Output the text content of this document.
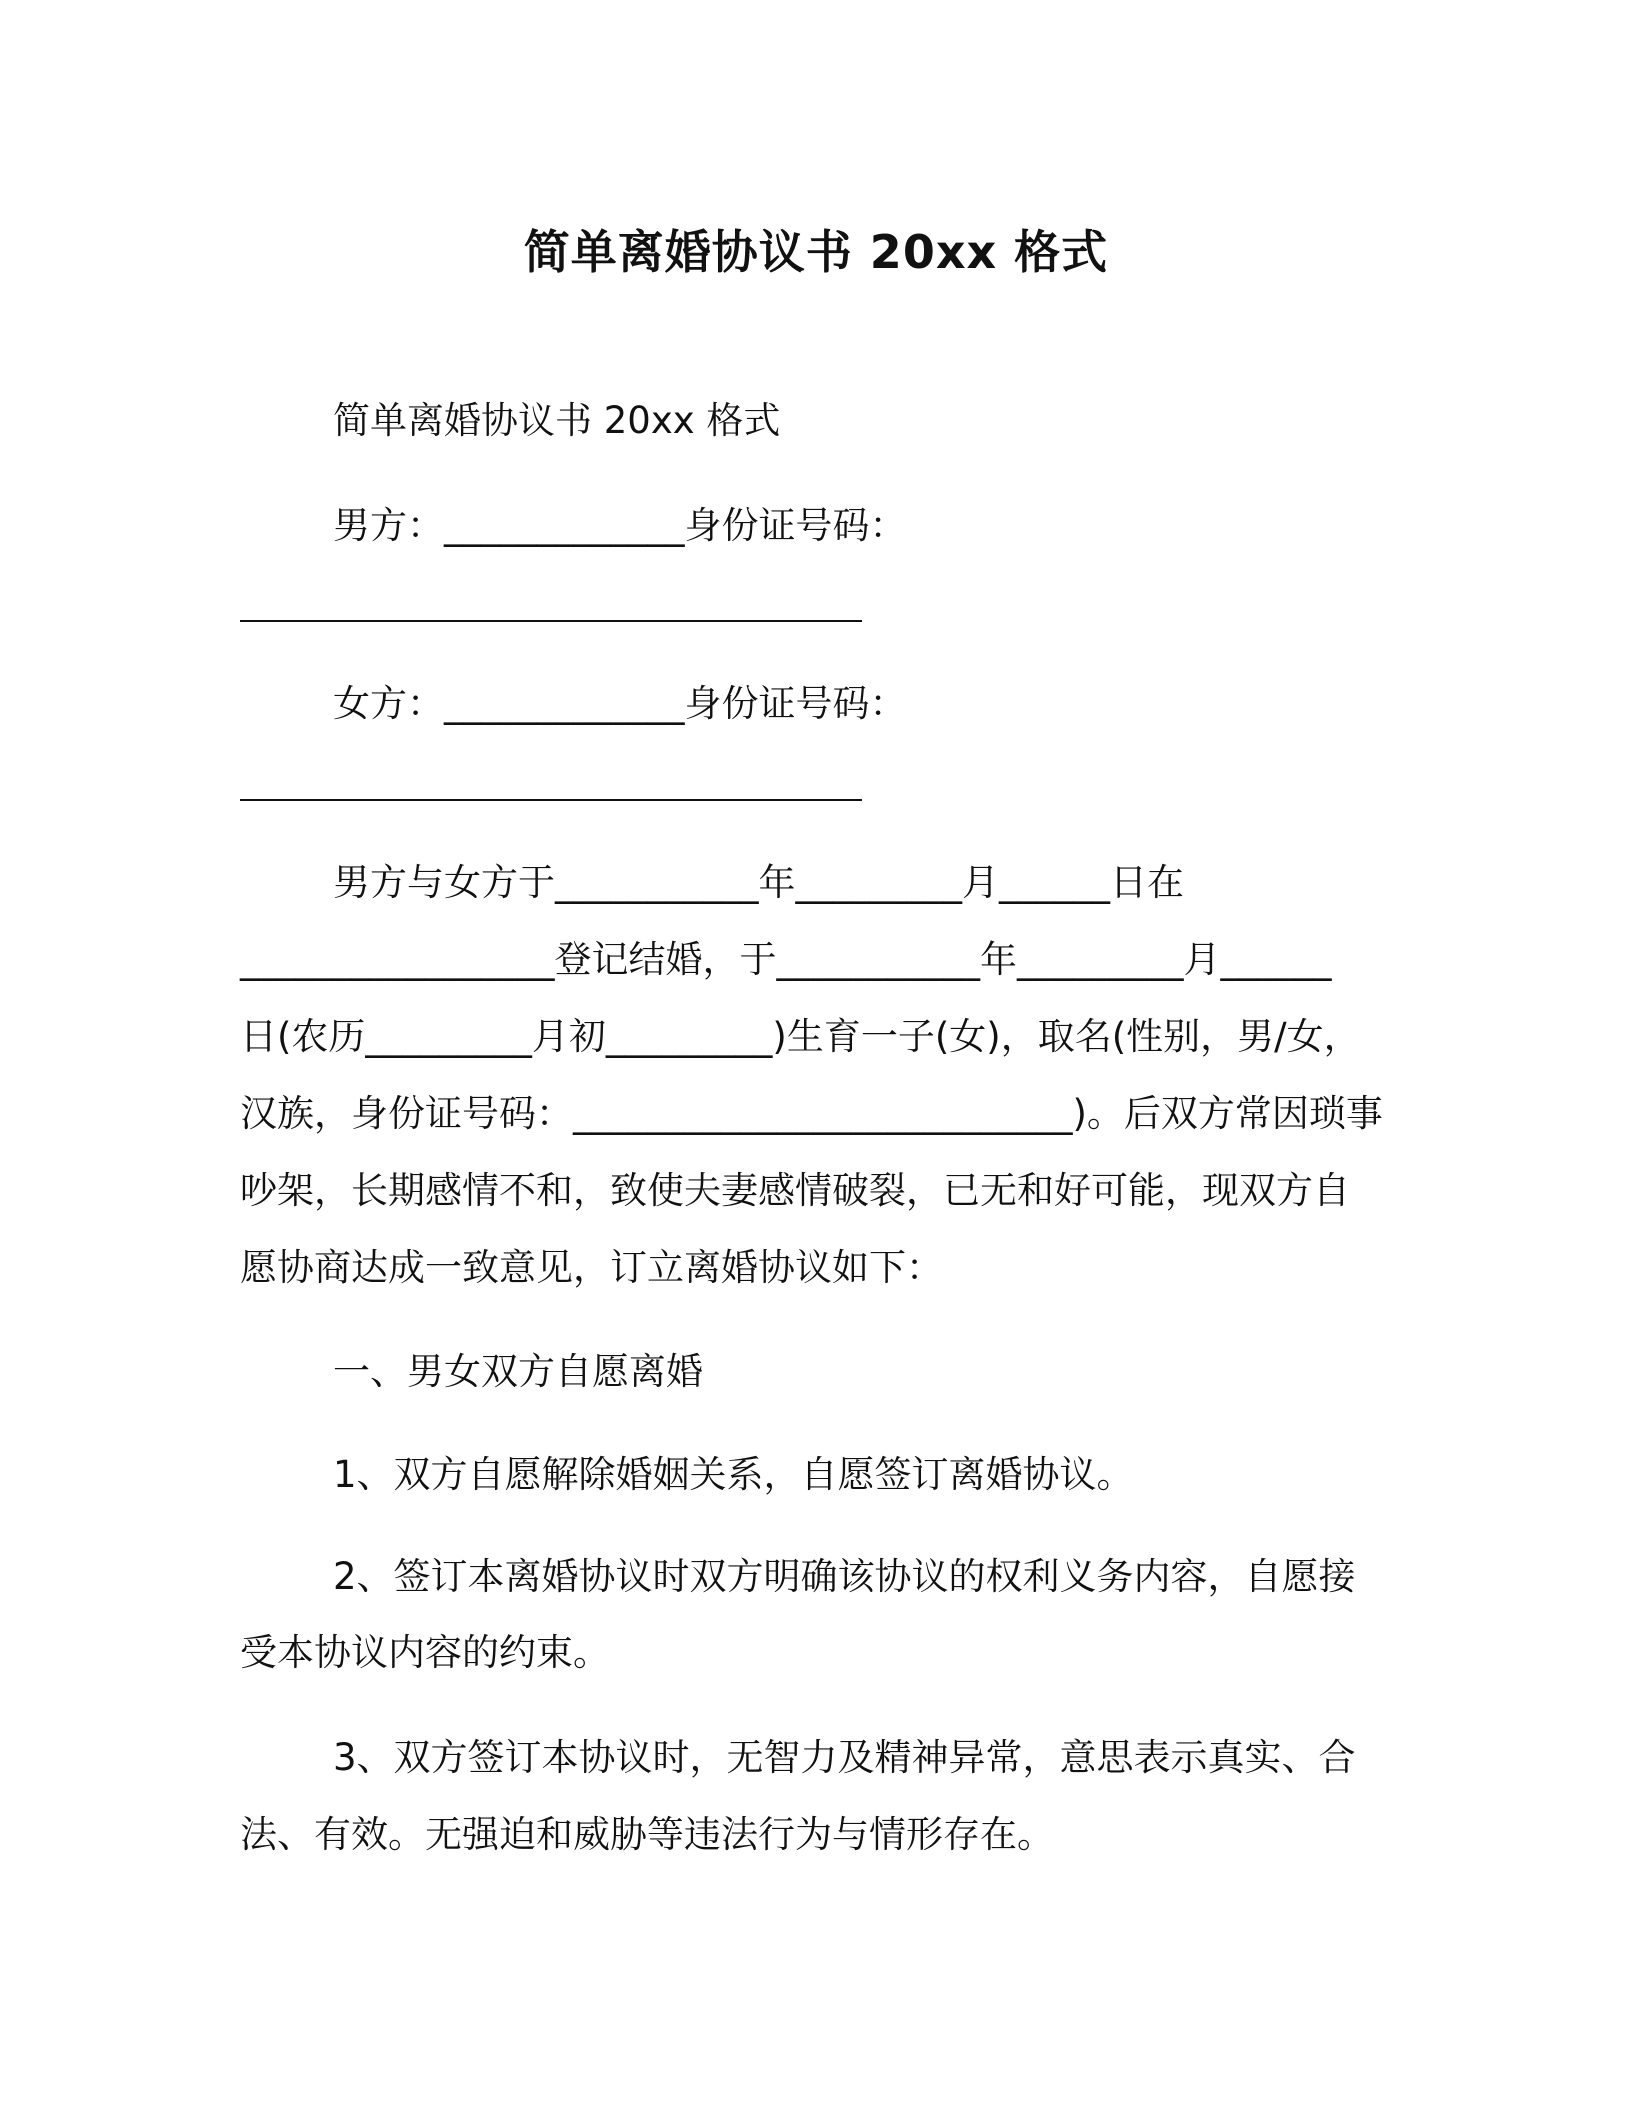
简单离婚协议书 20xx 格式
简单离婚协议书 20xx 格式
男方：_____________身份证号码：
女方：_____________身份证号码：
男方与女方于___________年_________月______日在
_________________登记结婚，于___________年_________月______
日(农历_________月初_________)生育一子(女)，取名(性别，男/女，
汉族，身份证号码：___________________________)。后双方常因琐事
吵架，长期感情不和，致使夫妻感情破裂，已无和好可能，现双方自
愿协商达成一致意见，订立离婚协议如下：
一、男女双方自愿离婚
1、双方自愿解除婚姻关系，自愿签订离婚协议。
2、签订本离婚协议时双方明确该协议的权利义务内容，自愿接
受本协议内容的约束。
3、双方签订本协议时，无智力及精神异常，意思表示真实、合
法、有效。无强迫和威胁等违法行为与情形存在。
